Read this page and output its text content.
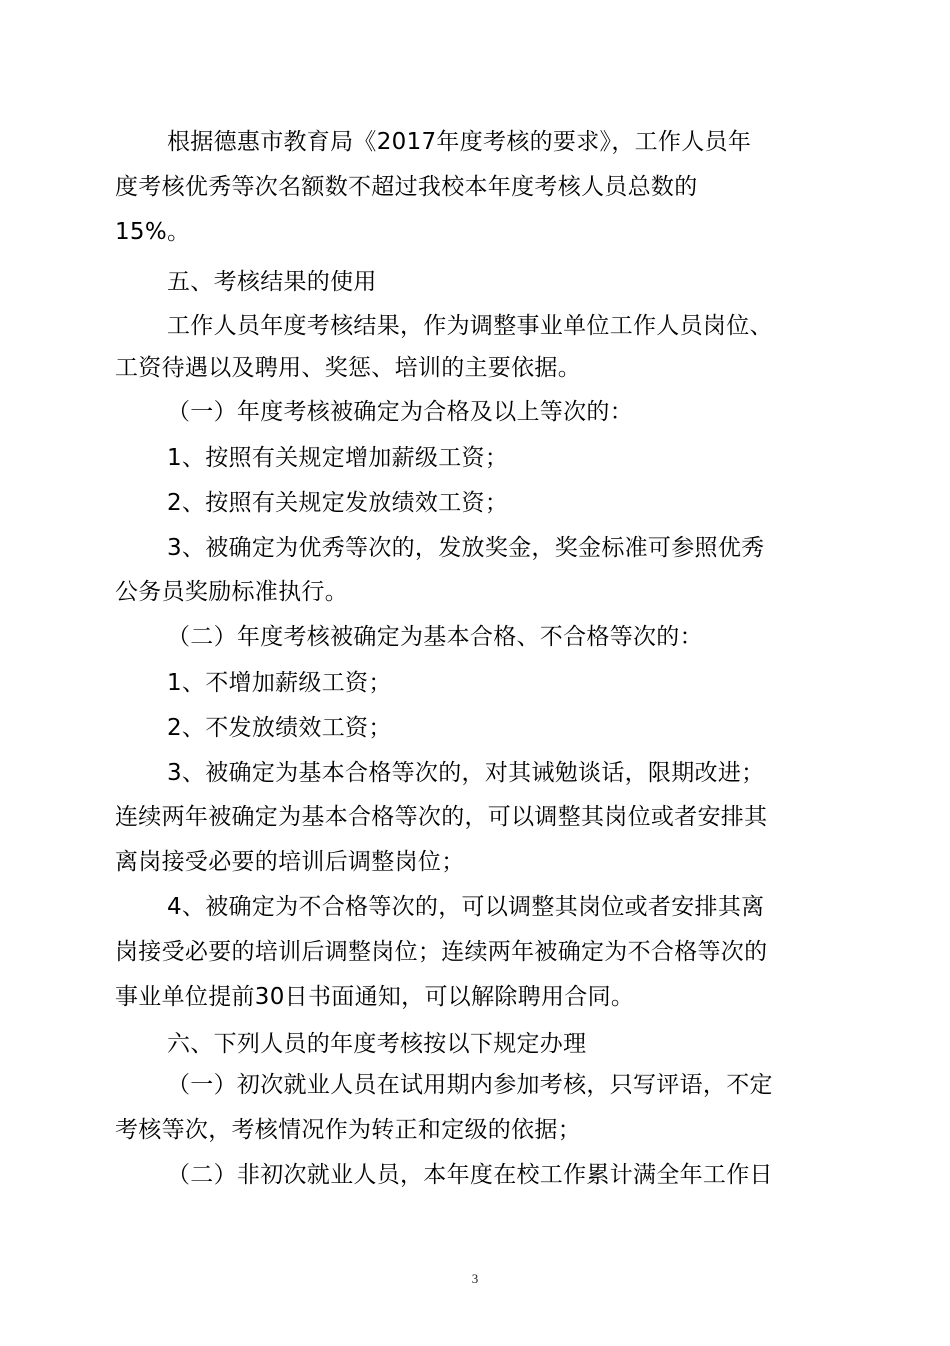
根据德惠市教育局《2017年度考核的要求》，工作人员年
度考核优秀等次名额数不超过我校本年度考核人员总数的
15%。
五、考核结果的使用
工作人员年度考核结果，作为调整事业单位工作人员岗位、
工资待遇以及聘用、奖惩、培训的主要依据。
（一）年度考核被确定为合格及以上等次的：
1、按照有关规定增加薪级工资；
2、按照有关规定发放绩效工资；
3、被确定为优秀等次的，发放奖金，奖金标准可参照优秀
公务员奖励标准执行。
（二）年度考核被确定为基本合格、不合格等次的：
1、不增加薪级工资；
2、不发放绩效工资；
3、被确定为基本合格等次的，对其诫勉谈话，限期改进；
连续两年被确定为基本合格等次的，可以调整其岗位或者安排其
离岗接受必要的培训后调整岗位；
4、被确定为不合格等次的，可以调整其岗位或者安排其离
岗接受必要的培训后调整岗位；连续两年被确定为不合格等次的
事业单位提前30日书面通知，可以解除聘用合同。
六、下列人员的年度考核按以下规定办理
（一）初次就业人员在试用期内参加考核，只写评语，不定
考核等次，考核情况作为转正和定级的依据；
（二）非初次就业人员，本年度在校工作累计满全年工作日
3
